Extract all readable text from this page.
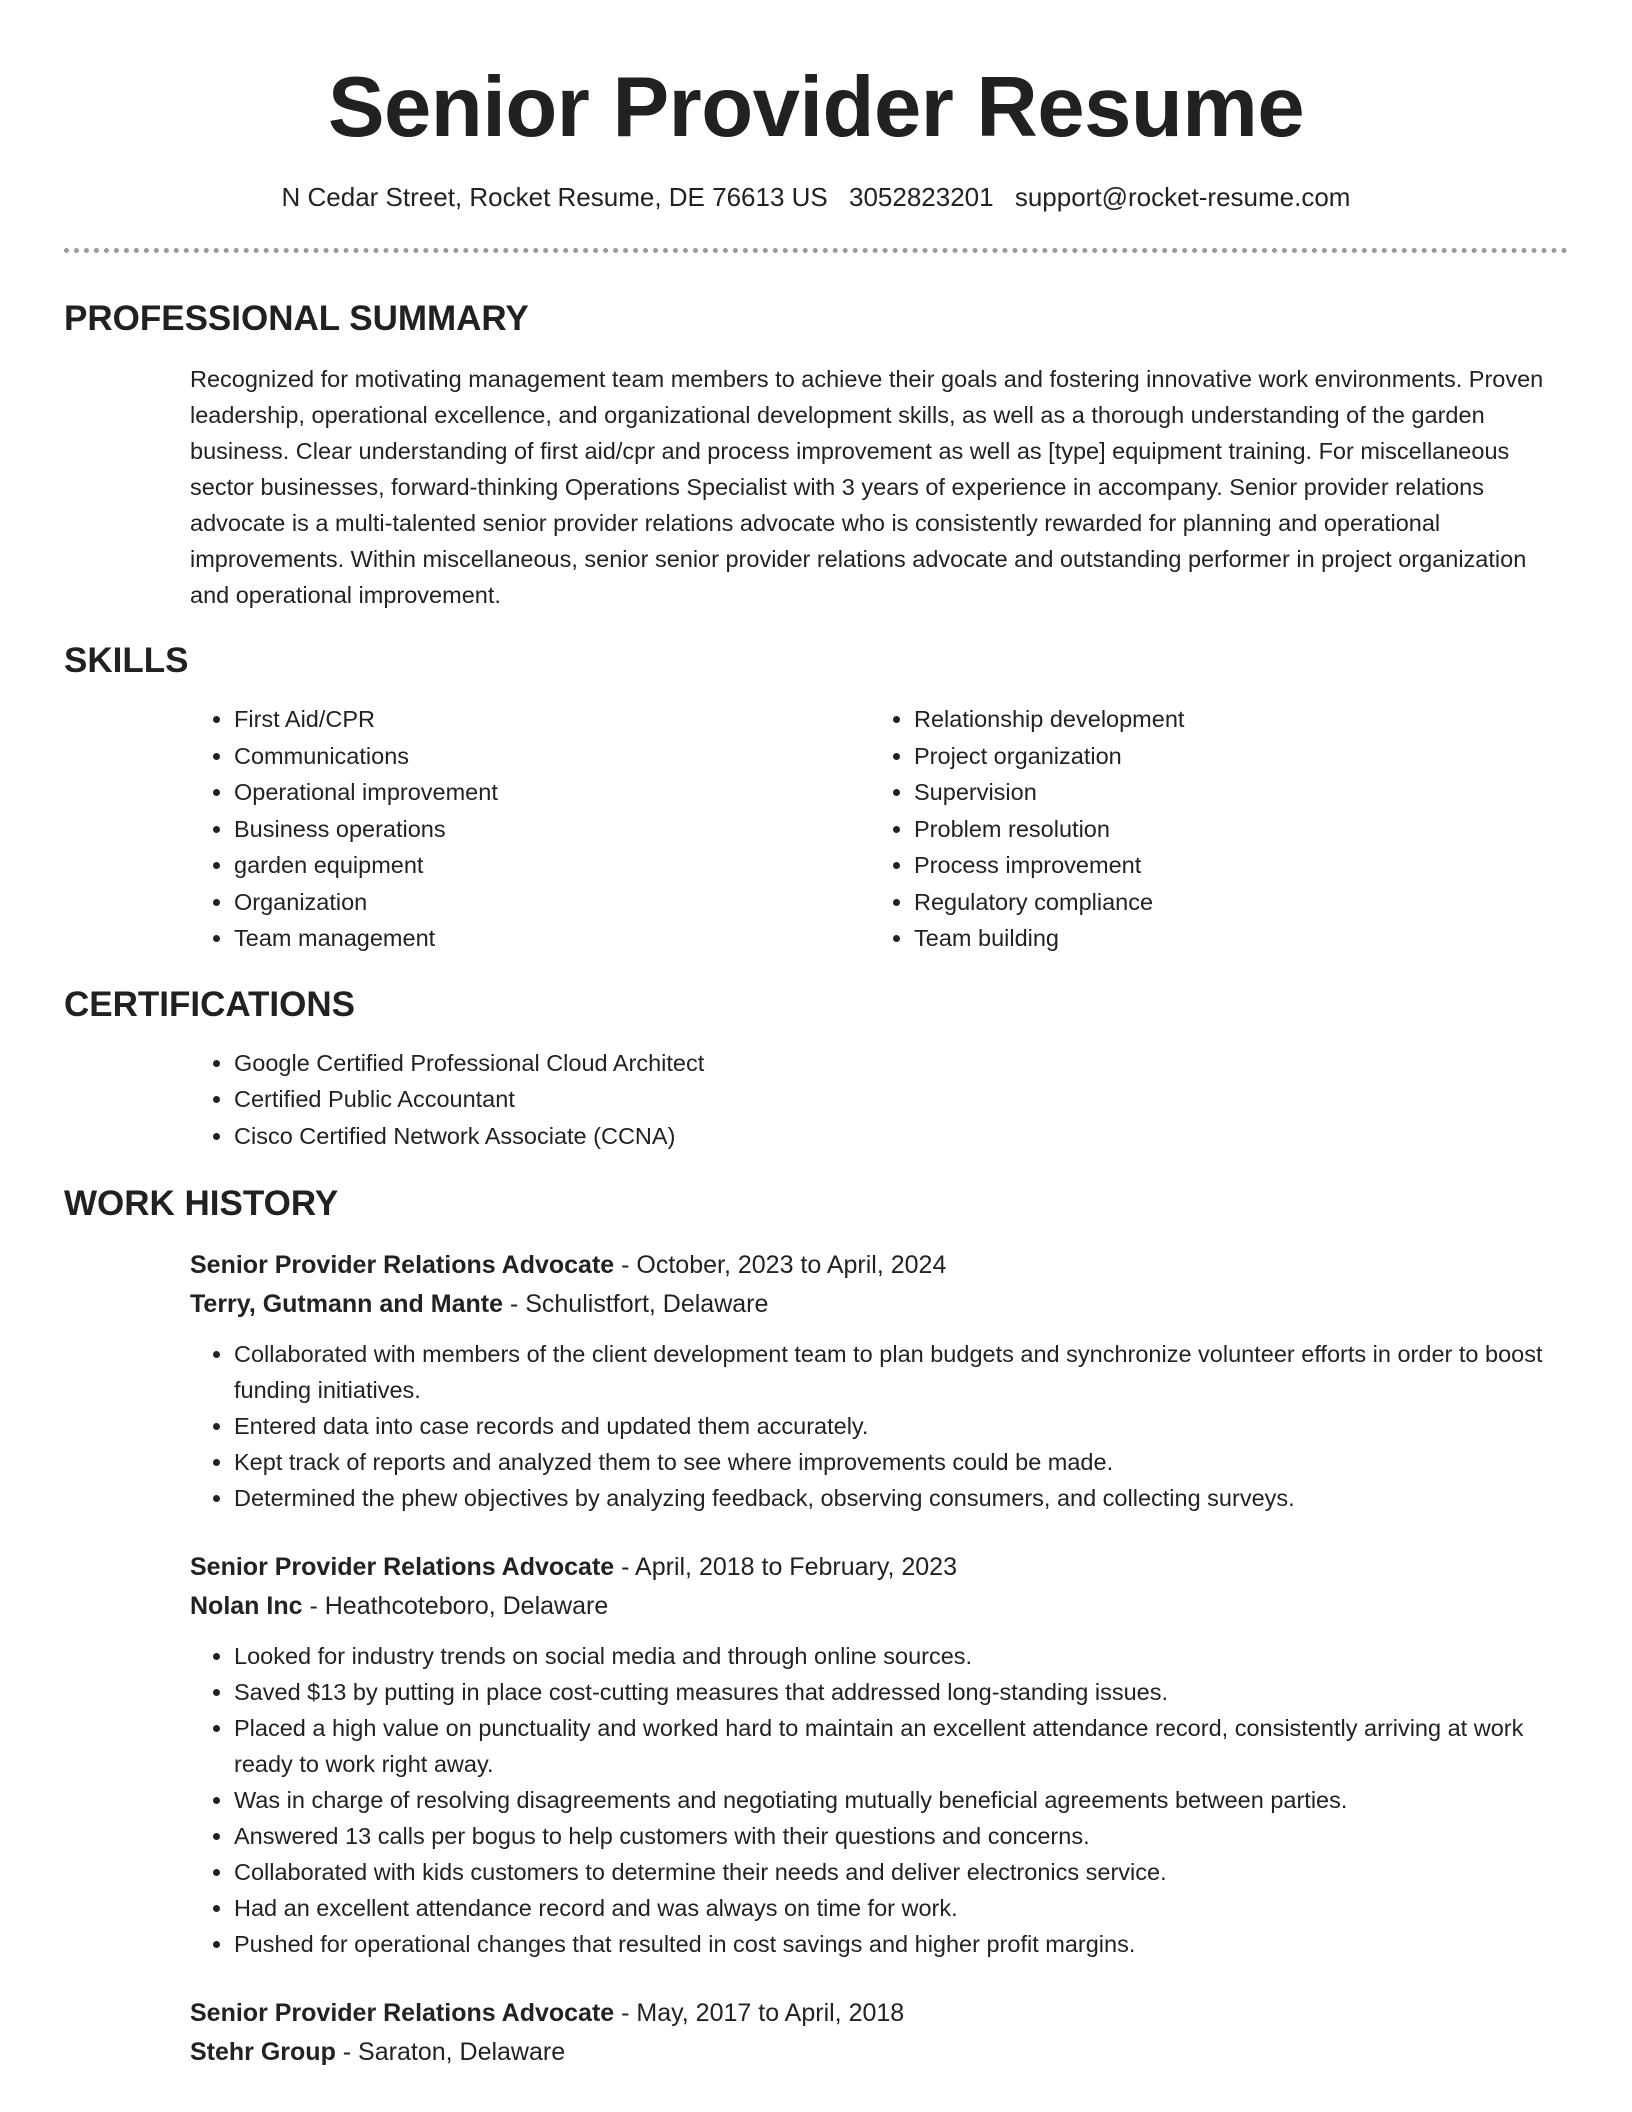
Senior Provider Resume
N Cedar Street, Rocket Resume, DE 76613 US 3052823201 support@rocket-resume.com
PROFESSIONAL SUMMARY
Recognized for motivating management team members to achieve their goals and fostering innovative work environments. Proven leadership, operational excellence, and organizational development skills, as well as a thorough understanding of the garden business. Clear understanding of first aid/cpr and process improvement as well as [type] equipment training. For miscellaneous sector businesses, forward-thinking Operations Specialist with 3 years of experience in accompany. Senior provider relations advocate is a multi-talented senior provider relations advocate who is consistently rewarded for planning and operational improvements. Within miscellaneous, senior senior provider relations advocate and outstanding performer in project organization and operational improvement.
SKILLS
• First Aid/CPR
• Communications
• Operational improvement
• Business operations
• garden equipment
• Organization
• Team management
• Relationship development
• Project organization
• Supervision
• Problem resolution
• Process improvement
• Regulatory compliance
• Team building
CERTIFICATIONS
• Google Certified Professional Cloud Architect
• Certified Public Accountant
• Cisco Certified Network Associate (CCNA)
WORK HISTORY
Senior Provider Relations Advocate - October, 2023 to April, 2024
Terry, Gutmann and Mante - Schulistfort, Delaware
• Collaborated with members of the client development team to plan budgets and synchronize volunteer efforts in order to boost funding initiatives.
• Entered data into case records and updated them accurately.
• Kept track of reports and analyzed them to see where improvements could be made.
• Determined the phew objectives by analyzing feedback, observing consumers, and collecting surveys.
Senior Provider Relations Advocate - April, 2018 to February, 2023
Nolan Inc - Heathcoteboro, Delaware
• Looked for industry trends on social media and through online sources.
• Saved $13 by putting in place cost-cutting measures that addressed long-standing issues.
• Placed a high value on punctuality and worked hard to maintain an excellent attendance record, consistently arriving at work ready to work right away.
• Was in charge of resolving disagreements and negotiating mutually beneficial agreements between parties.
• Answered 13 calls per bogus to help customers with their questions and concerns.
• Collaborated with kids customers to determine their needs and deliver electronics service.
• Had an excellent attendance record and was always on time for work.
• Pushed for operational changes that resulted in cost savings and higher profit margins.
Senior Provider Relations Advocate - May, 2017 to April, 2018
Stehr Group - Saraton, Delaware
